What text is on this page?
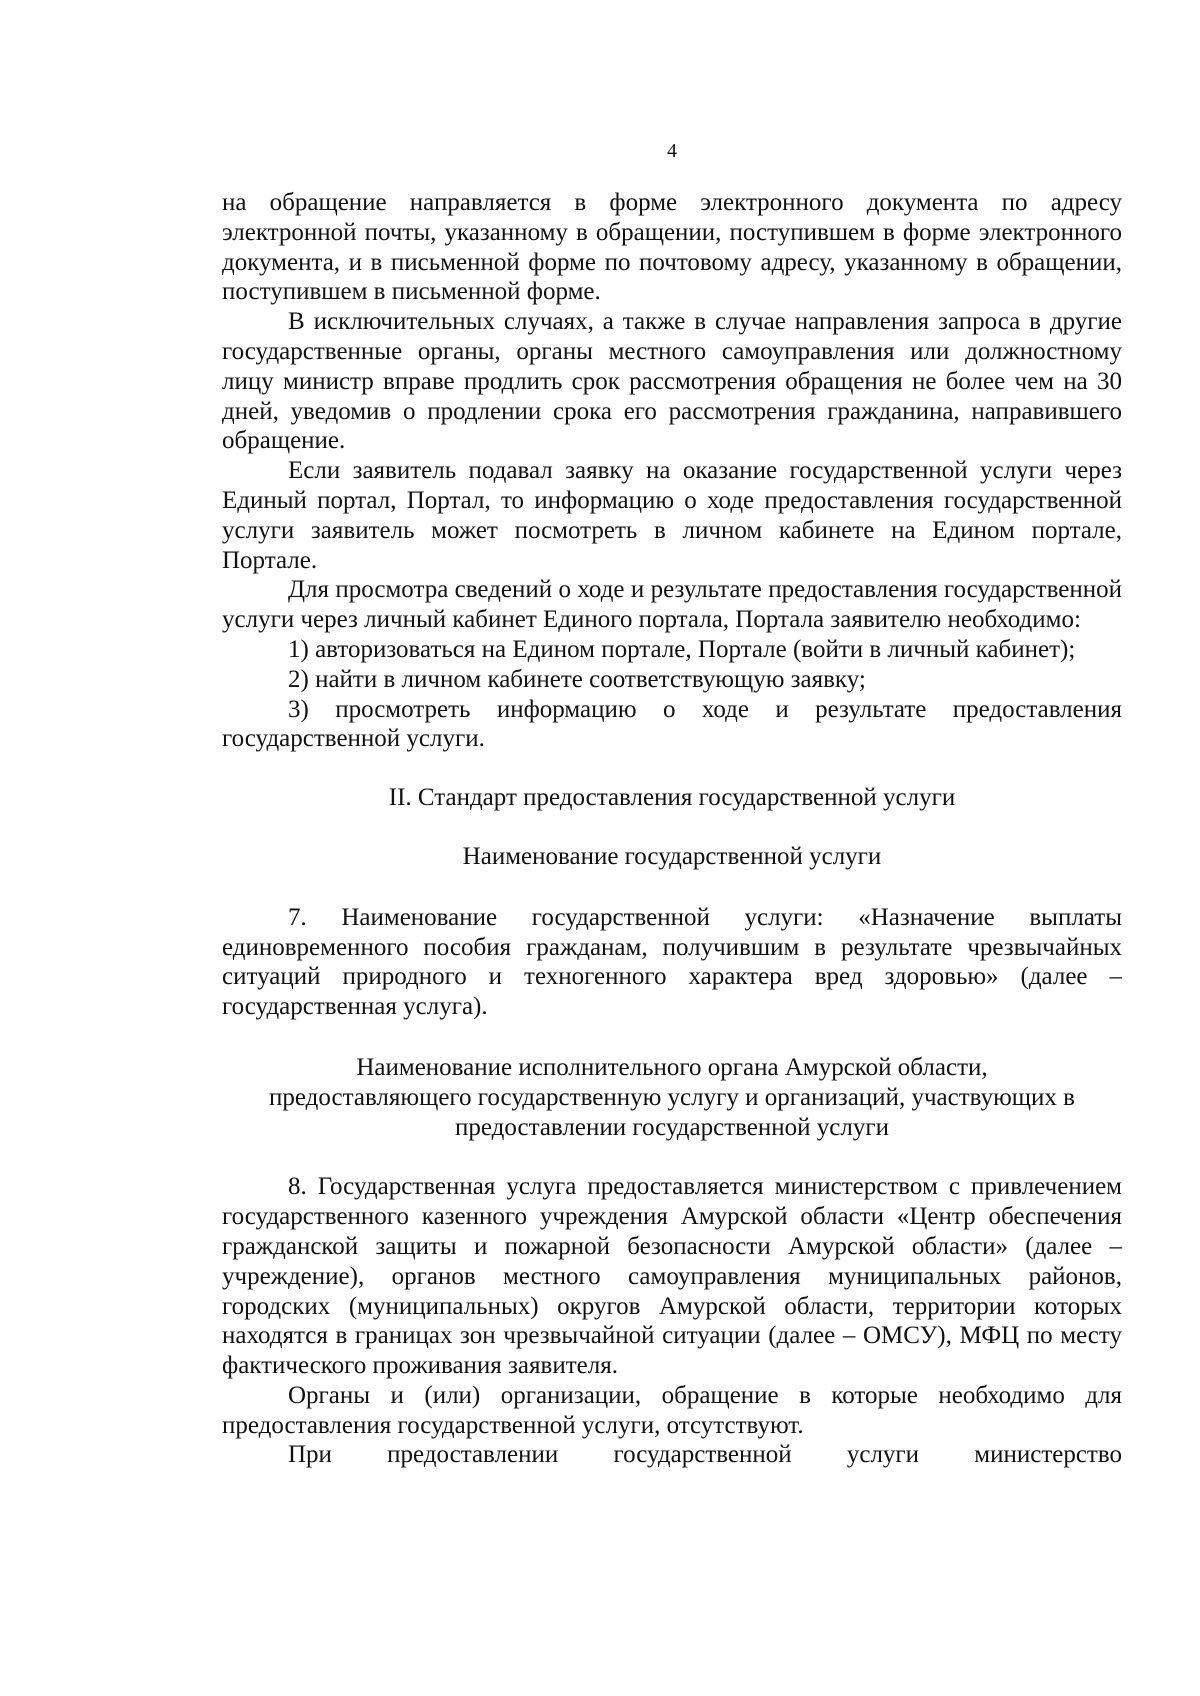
4

на обращение направляется в форме электронного документа по адресу электронной почты, указанному в обращении, поступившем в форме электронного документа, и в письменной форме по почтовому адресу, указанному в обращении, поступившем в письменной форме.

В исключительных случаях, а также в случае направления запроса в другие государственные органы, органы местного самоуправления или должностному лицу министр вправе продлить срок рассмотрения обращения не более чем на 30 дней, уведомив о продлении срока его рассмотрения гражданина, направившего обращение.

Если заявитель подавал заявку на оказание государственной услуги через Единый портал, Портал, то информацию о ходе предоставления государственной услуги заявитель может посмотреть в личном кабинете на Едином портале, Портале.

Для просмотра сведений о ходе и результате предоставления государственной услуги через личный кабинет Единого портала, Портала заявителю необходимо:

1) авторизоваться на Едином портале, Портале (войти в личный кабинет);

2) найти в личном кабинете соответствующую заявку;

3) просмотреть информацию о ходе и результате предоставления государственной услуги.

II. Стандарт предоставления государственной услуги

Наименование государственной услуги

7. Наименование государственной услуги: «Назначение выплаты единовременного пособия гражданам, получившим в результате чрезвычайных ситуаций природного и техногенного характера вред здоровью» (далее – государственная услуга).

Наименование исполнительного органа Амурской области,

предоставляющего государственную услугу и организаций, участвующих в

предоставлении государственной услуги

8. Государственная услуга предоставляется министерством с привлечением государственного казенного учреждения Амурской области «Центр обеспечения гражданской защиты и пожарной безопасности Амурской области» (далее – учреждение), органов местного самоуправления муниципальных районов, городских (муниципальных) округов Амурской области, территории которых находятся в границах зон чрезвычайной ситуации (далее – ОМСУ), МФЦ по месту фактического проживания заявителя.

Органы и (или) организации, обращение в которые необходимо для предоставления государственной услуги, отсутствуют.

При предоставлении государственной услуги министерство
